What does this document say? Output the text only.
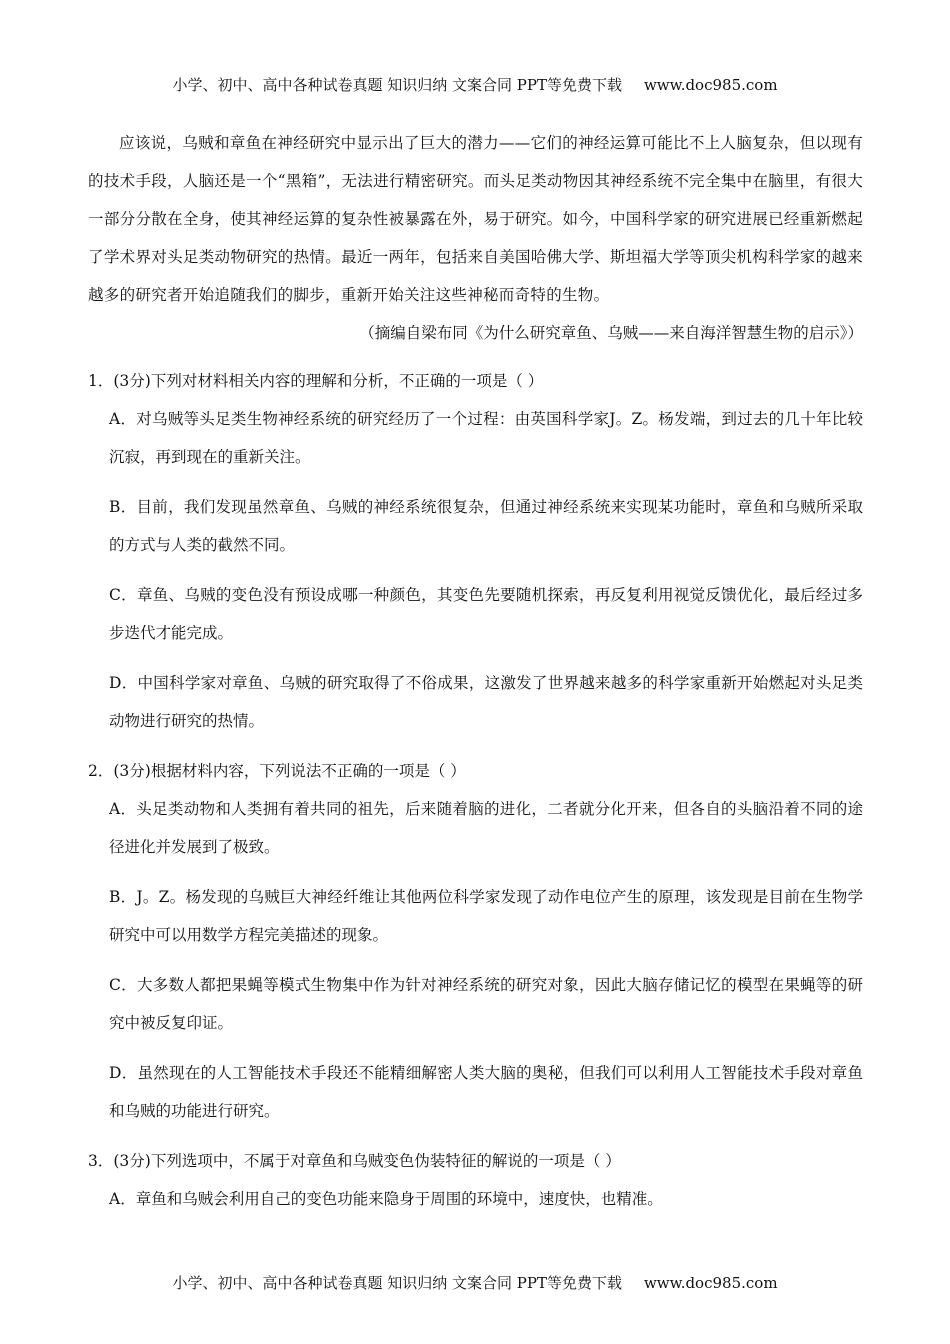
小学、初中、高中各种试卷真题 知识归纳 文案合同 PPT等免费下载 www.doc985.com

应该说，乌贼和章鱼在神经研究中显示出了巨大的潜力——它们的神经运算可能比不上人脑复杂，但以现有的技术手段，人脑还是一个“黑箱”，无法进行精密研究。而头足类动物因其神经系统不完全集中在脑里，有很大一部分分散在全身，使其神经运算的复杂性被暴露在外，易于研究。如今，中国科学家的研究进展已经重新燃起了学术界对头足类动物研究的热情。最近一两年，包括来自美国哈佛大学、斯坦福大学等顶尖机构科学家的越来越多的研究者开始追随我们的脚步，重新开始关注这些神秘而奇特的生物。

（摘编自梁布同《为什么研究章鱼、乌贼——来自海洋智慧生物的启示》）

1．(3分)下列对材料相关内容的理解和分析，不正确的一项是（ ）

A．对乌贼等头足类生物神经系统的研究经历了一个过程：由英国科学家J。Z。杨发端，到过去的几十年比较沉寂，再到现在的重新关注。

B．目前，我们发现虽然章鱼、乌贼的神经系统很复杂，但通过神经系统来实现某功能时，章鱼和乌贼所采取的方式与人类的截然不同。

C．章鱼、乌贼的变色没有预设成哪一种颜色，其变色先要随机探索，再反复利用视觉反馈优化，最后经过多步迭代才能完成。

D．中国科学家对章鱼、乌贼的研究取得了不俗成果，这激发了世界越来越多的科学家重新开始燃起对头足类动物进行研究的热情。

2．(3分)根据材料内容，下列说法不正确的一项是（ ）

A．头足类动物和人类拥有着共同的祖先，后来随着脑的进化，二者就分化开来，但各自的头脑沿着不同的途径进化并发展到了极致。

B．J。Z。杨发现的乌贼巨大神经纤维让其他两位科学家发现了动作电位产生的原理，该发现是目前在生物学研究中可以用数学方程完美描述的现象。

C．大多数人都把果蝇等模式生物集中作为针对神经系统的研究对象，因此大脑存储记忆的模型在果蝇等的研究中被反复印证。

D．虽然现在的人工智能技术手段还不能精细解密人类大脑的奥秘，但我们可以利用人工智能技术手段对章鱼和乌贼的功能进行研究。

3．(3分)下列选项中，不属于对章鱼和乌贼变色伪装特征的解说的一项是（ ）

A．章鱼和乌贼会利用自己的变色功能来隐身于周围的环境中，速度快，也精准。

小学、初中、高中各种试卷真题 知识归纳 文案合同 PPT等免费下载 www.doc985.com
